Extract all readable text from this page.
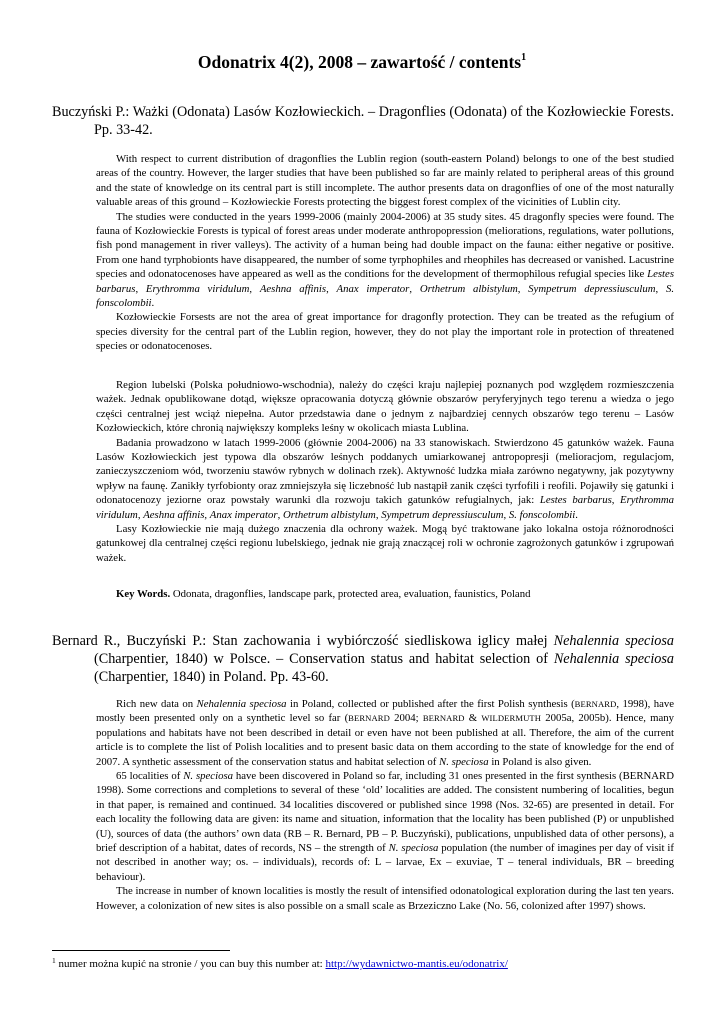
Odonatrix 4(2), 2008 – zawartość / contents$^1$
Buczyński P.: Ważki (Odonata) Lasów Kozłowieckich. – Dragonflies (Odonata) of the Kozłowieckie Forests. Pp. 33-42.

With respect to current distribution of dragonflies the Lublin region (south-eastern Poland) belongs to one of the best studied areas of the country. However, the larger studies that have been published so far are mainly related to peripheral areas of this ground and the state of knowledge on its central part is still incomplete. The author presents data on dragonflies of one of the most naturally valuable areas of this ground – Kozłowieckie Forests protecting the biggest forest complex of the vicinities of Lublin city.

The studies were conducted in the years 1999-2006 (mainly 2004-2006) at 35 study sites. 45 dragonfly species were found. The fauna of Kozłowieckie Forests is typical of forest areas under moderate anthropopression (meliorations, regulations, water pollutions, fish pond management in river valleys). The activity of a human being had double impact on the fauna: either negative or positive. From one hand tyrphobionts have disappeared, the number of some tyrphophiles and rheophiles has decreased or vanished. Lacustrine species and odonatocenoses have appeared as well as the conditions for the development of thermophilous refugial species like Lestes barbarus, Erythromma viridulum, Aeshna affinis, Anax imperator, Orthetrum albistylum, Sympetrum depressiusculum, S. fonscolombii.

Kozłowieckie Forsests are not the area of great importance for dragonfly protection. They can be treated as the refugium of species diversity for the central part of the Lublin region, however, they do not play the important role in protection of threatened species or odonatocenoses.

Region lubelski (Polska południowo-wschodnia), należy do części kraju najlepiej poznanych pod względem rozmieszczenia ważek. Jednak opublikowane dotąd, większe opracowania dotyczą głównie obszarów peryferyjnych tego terenu a wiedza o jego części centralnej jest wciąż niepełna. Autor przedstawia dane o jednym z najbardziej cennych obszarów tego terenu – Lasów Kozłowieckich, które chronią największy kompleks leśny w okolicach miasta Lublina.

Badania prowadzono w latach 1999-2006 (głównie 2004-2006) na 33 stanowiskach. Stwierdzono 45 gatunków ważek. Fauna Lasów Kozłowieckich jest typowa dla obszarów leśnych poddanych umiarkowanej antropopresji (melioracjom, regulacjom, zanieczyszczeniom wód, tworzeniu stawów rybnych w dolinach rzek). Aktywność ludzka miała zarówno negatywny, jak pozytywny wpływ na faunę. Zanikły tyrfobionty oraz zmniejszyła się liczebność lub nastąpił zanik części tyrfofili i reofili. Pojawiły się gatunki i odonatocenozy jeziorne oraz powstały warunki dla rozwoju takich gatunków refugialnych, jak: Lestes barbarus, Erythromma viridulum, Aeshna affinis, Anax imperator, Orthetrum albistylum, Sympetrum depressiusculum, S. fonscolombii.

Lasy Kozłowieckie nie mają dużego znaczenia dla ochrony ważek. Mogą być traktowane jako lokalna ostoja różnorodności gatunkowej dla centralnej części regionu lubelskiego, jednak nie grają znaczącej roli w ochronie zagrożonych gatunków i zgrupowań ważek.

Key Words. Odonata, dragonflies, landscape park, protected area, evaluation, faunistics, Poland
Bernard R., Buczyński P.: Stan zachowania i wybiórczość siedliskowa iglicy małej Nehalennia speciosa (Charpentier, 1840) w Polsce. – Conservation status and habitat selection of Nehalennia speciosa (Charpentier, 1840) in Poland. Pp. 43-60.

Rich new data on Nehalennia speciosa in Poland, collected or published after the first Polish synthesis (BERNARD, 1998), have mostly been presented only on a synthetic level so far (BERNARD 2004; BERNARD & WILDERMUTH 2005a, 2005b). Hence, many populations and habitats have not been described in detail or even have not been published at all. Therefore, the aim of the current article is to complete the list of Polish localities and to present basic data on them according to the state of knowledge for the end of 2007. A synthetic assessment of the conservation status and habitat selection of N. speciosa in Poland is also given.

65 localities of N. speciosa have been discovered in Poland so far, including 31 ones presented in the first synthesis (BERNARD 1998). Some corrections and completions to several of these ‘old’ localities are added. The consistent numbering of localities, begun in that paper, is remained and continued. 34 localities discovered or published since 1998 (Nos. 32-65) are presented in detail. For each locality the following data are given: its name and situation, information that the locality has been published (P) or unpublished (U), sources of data (the authors’ own data (RB – R. Bernard, PB – P. Buczyński), publications, unpublished data of other persons), a brief description of a habitat, dates of records, NS – the strength of N. speciosa population (the number of imagines per day of visit if not described in another way; os. – individuals), records of: L – larvae, Ex – exuviae, T – teneral individuals, BR – breeding behaviour).

The increase in number of known localities is mostly the result of intensified odonatological exploration during the last ten years. However, a colonization of new sites is also possible on a small scale as Brzeziczno Lake (No. 56, colonized after 1997) shows.

$^1$ numer można kupić na stronie / you can buy this number at: http://wydawnictwo-mantis.eu/odonatrix/
